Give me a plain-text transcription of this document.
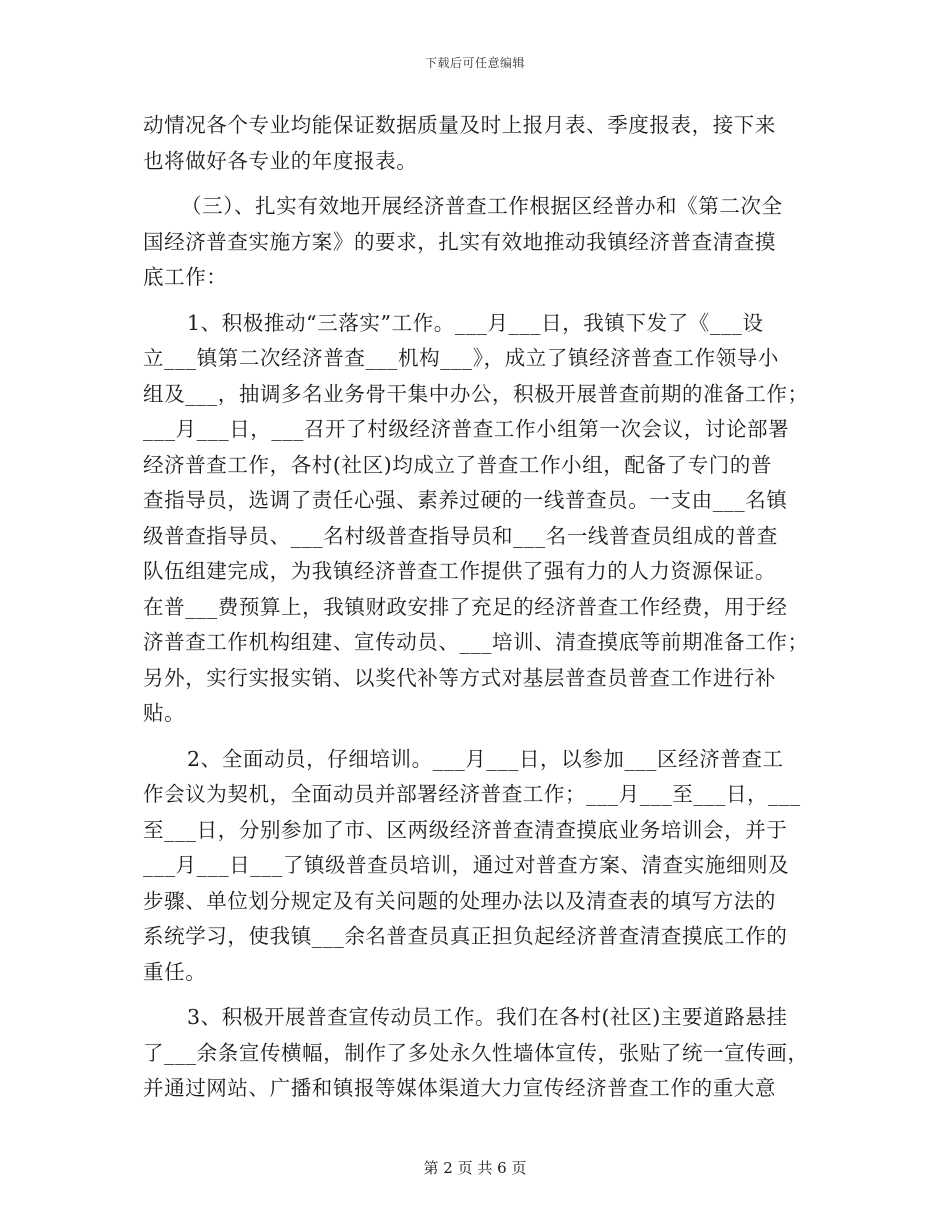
下载后可任意编辑
动情况各个专业均能保证数据质量及时上报月表、季度报表，接下来
也将做好各专业的年度报表。
（三）、扎实有效地开展经济普查工作根据区经普办和《第二次全
国经济普查实施方案》的要求，扎实有效地推动我镇经济普查清查摸
底工作：
1、积极推动“三落实”工作。___月___日，我镇下发了《___设
立___镇第二次经济普查___机构___》，成立了镇经济普查工作领导小
组及___，抽调多名业务骨干集中办公，积极开展普查前期的准备工作；
___月___日，___召开了村级经济普查工作小组第一次会议，讨论部署
经济普查工作，各村(社区)均成立了普查工作小组，配备了专门的普
查指导员，选调了责任心强、素养过硬的一线普查员。一支由___名镇
级普查指导员、___名村级普查指导员和___名一线普查员组成的普查
队伍组建完成，为我镇经济普查工作提供了强有力的人力资源保证。
在普___费预算上，我镇财政安排了充足的经济普查工作经费，用于经
济普查工作机构组建、宣传动员、___培训、清查摸底等前期准备工作；
另外，实行实报实销、以奖代补等方式对基层普查员普查工作进行补
贴。
2、全面动员，仔细培训。___月___日，以参加___区经济普查工
作会议为契机，全面动员并部署经济普查工作；___月___至___日，___
至___日，分别参加了市、区两级经济普查清查摸底业务培训会，并于
___月___日___了镇级普查员培训，通过对普查方案、清查实施细则及
步骤、单位划分规定及有关问题的处理办法以及清查表的填写方法的
系统学习，使我镇___余名普查员真正担负起经济普查清查摸底工作的
重任。
3、积极开展普查宣传动员工作。我们在各村(社区)主要道路悬挂
了___余条宣传横幅，制作了多处永久性墙体宣传，张贴了统一宣传画，
并通过网站、广播和镇报等媒体渠道大力宣传经济普查工作的重大意
第 2 页 共 6 页
